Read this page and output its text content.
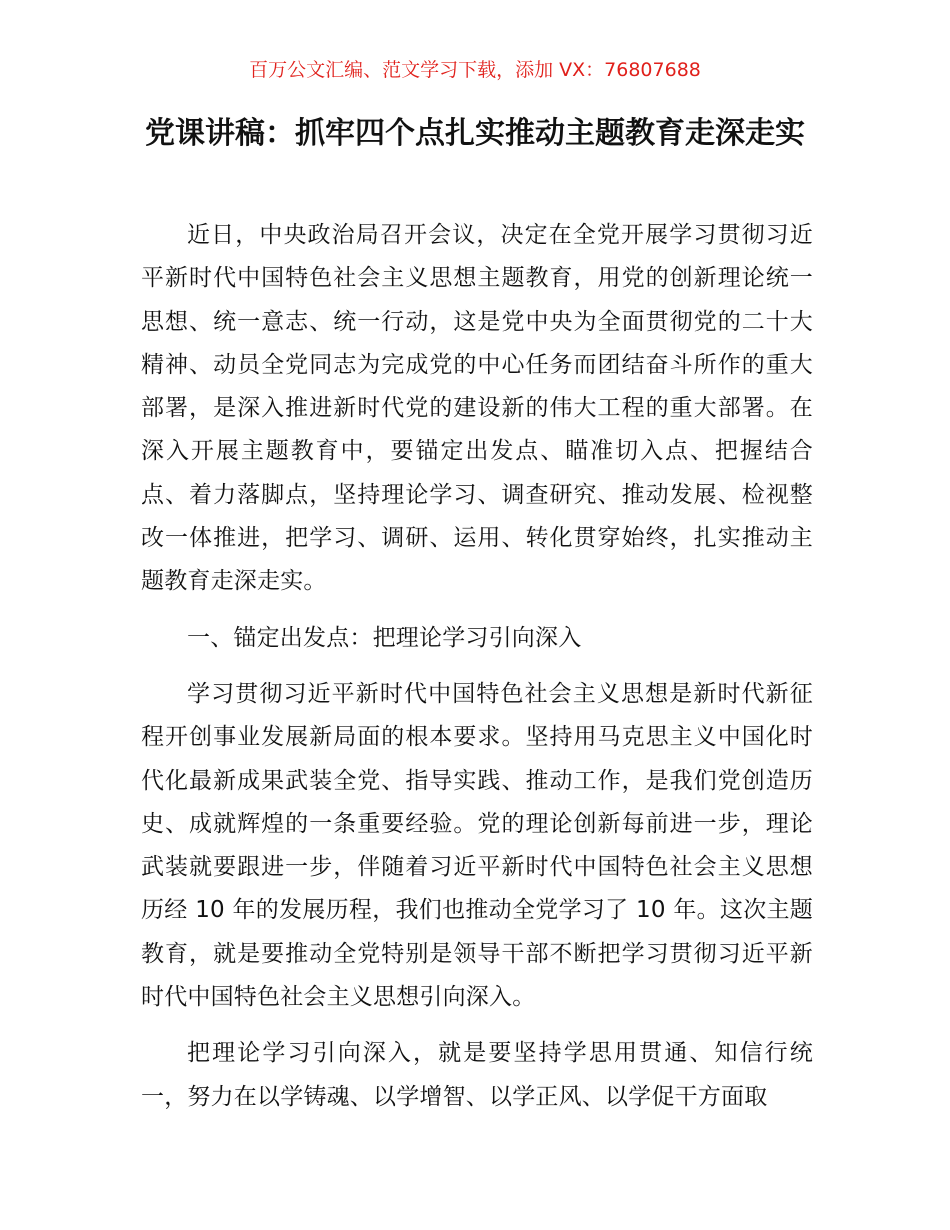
百万公文汇编、范文学习下载，添加 VX：76807688
党课讲稿：抓牢四个点扎实推动主题教育走深走实

近日，中央政治局召开会议，决定在全党开展学习贯彻习近平新时代中国特色社会主义思想主题教育，用党的创新理论统一思想、统一意志、统一行动，这是党中央为全面贯彻党的二十大精神、动员全党同志为完成党的中心任务而团结奋斗所作的重大部署，是深入推进新时代党的建设新的伟大工程的重大部署。在深入开展主题教育中，要锚定出发点、瞄准切入点、把握结合点、着力落脚点，坚持理论学习、调查研究、推动发展、检视整改一体推进，把学习、调研、运用、转化贯穿始终，扎实推动主题教育走深走实。

一、锚定出发点：把理论学习引向深入

学习贯彻习近平新时代中国特色社会主义思想是新时代新征程开创事业发展新局面的根本要求。坚持用马克思主义中国化时代化最新成果武装全党、指导实践、推动工作，是我们党创造历史、成就辉煌的一条重要经验。党的理论创新每前进一步，理论武装就要跟进一步，伴随着习近平新时代中国特色社会主义思想历经 10 年的发展历程，我们也推动全党学习了 10 年。这次主题教育，就是要推动全党特别是领导干部不断把学习贯彻习近平新时代中国特色社会主义思想引向深入。

把理论学习引向深入，就是要坚持学思用贯通、知信行统一，努力在以学铸魂、以学增智、以学正风、以学促干方面取
